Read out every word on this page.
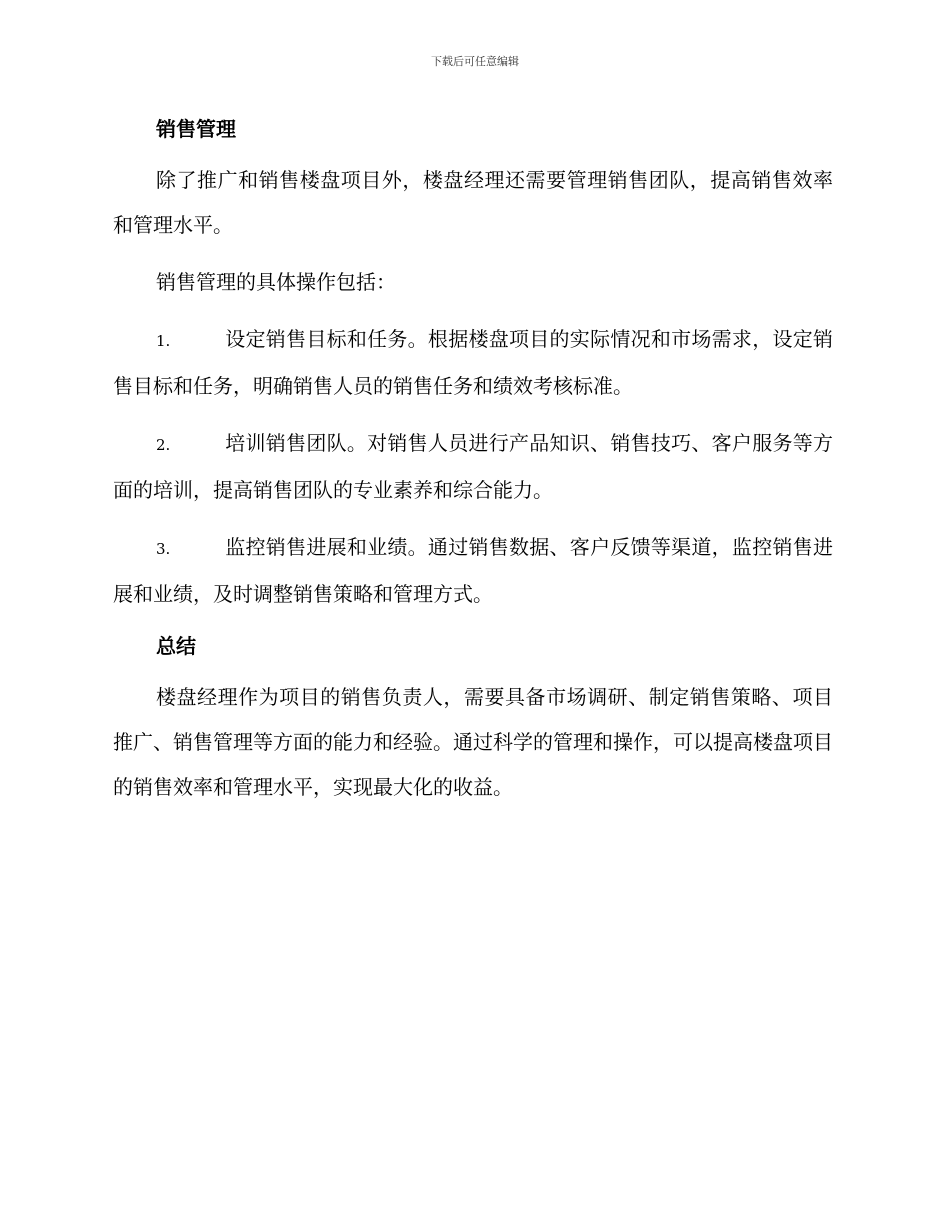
下载后可任意编辑
销售管理

除了推广和销售楼盘项目外，楼盘经理还需要管理销售团队，提高销售效率和管理水平。

销售管理的具体操作包括：

1.	设定销售目标和任务。根据楼盘项目的实际情况和市场需求，设定销售目标和任务，明确销售人员的销售任务和绩效考核标准。

2.	培训销售团队。对销售人员进行产品知识、销售技巧、客户服务等方面的培训，提高销售团队的专业素养和综合能力。

3.	监控销售进展和业绩。通过销售数据、客户反馈等渠道，监控销售进展和业绩，及时调整销售策略和管理方式。

总结

楼盘经理作为项目的销售负责人，需要具备市场调研、制定销售策略、项目推广、销售管理等方面的能力和经验。通过科学的管理和操作，可以提高楼盘项目的销售效率和管理水平，实现最大化的收益。
